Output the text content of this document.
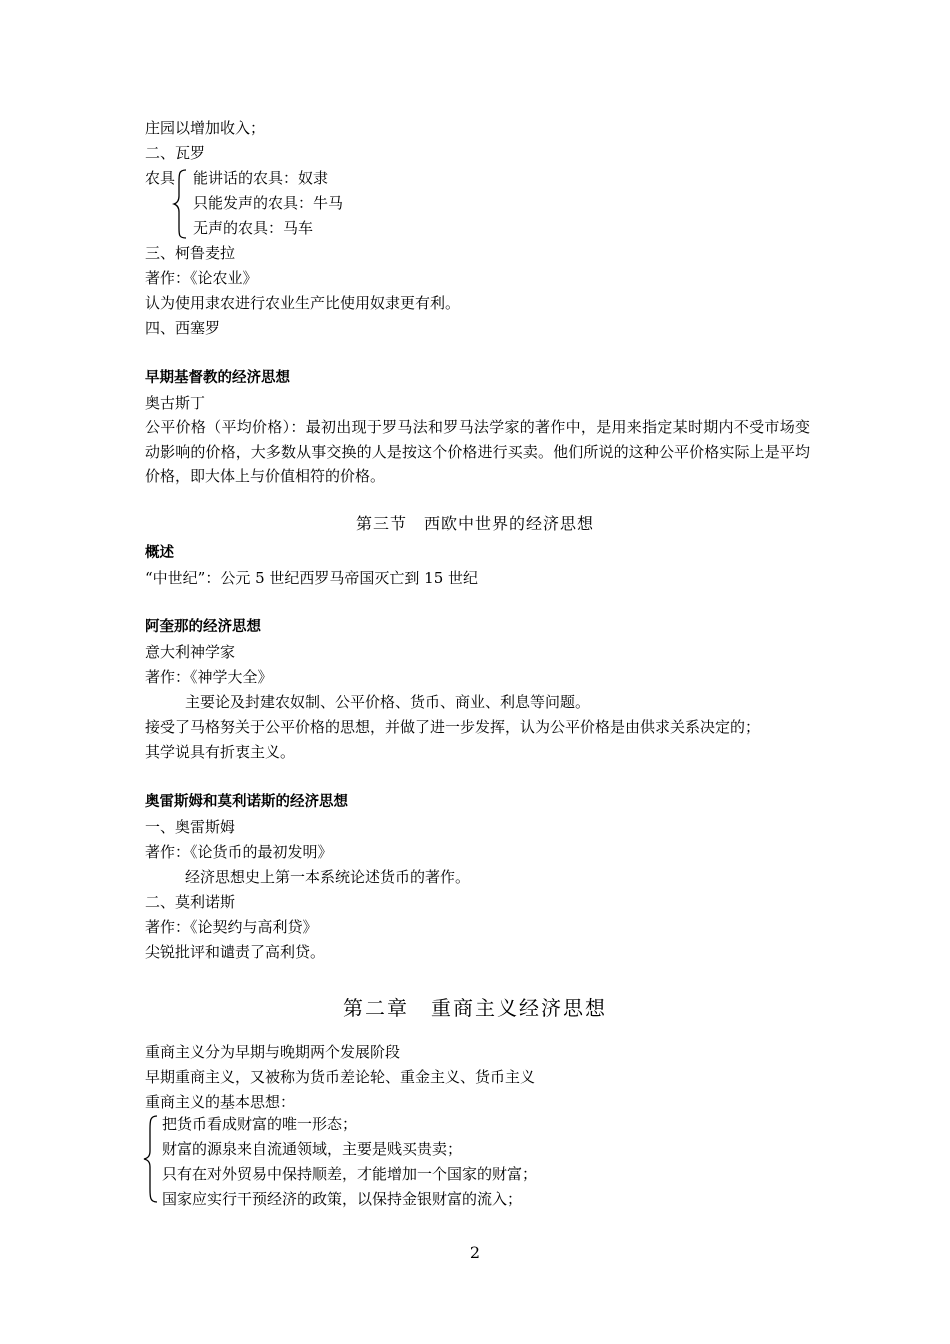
庄园以增加收入；
二、瓦罗
农具 能讲话的农具：奴隶
只能发声的农具：牛马
无声的农具：马车
三、柯鲁麦拉
著作：《论农业》
认为使用隶农进行农业生产比使用奴隶更有利。
四、西塞罗
早期基督教的经济思想
奥古斯丁
公平价格（平均价格）：最初出现于罗马法和罗马法学家的著作中，是用来指定某时期内不受市场变动影响的价格，大多数从事交换的人是按这个价格进行买卖。他们所说的这种公平价格实际上是平均价格，即大体上与价值相符的价格。
第三节　西欧中世界的经济思想
概述
“中世纪”：公元 5 世纪西罗马帝国灭亡到 15 世纪
阿奎那的经济思想
意大利神学家
著作：《神学大全》
主要论及封建农奴制、公平价格、货币、商业、利息等问题。
接受了马格努关于公平价格的思想，并做了进一步发挥，认为公平价格是由供求关系决定的；
其学说具有折衷主义。
奥雷斯姆和莫利诺斯的经济思想
一、奥雷斯姆
著作：《论货币的最初发明》
经济思想史上第一本系统论述货币的著作。
二、莫利诺斯
著作：《论契约与高利贷》
尖锐批评和谴责了高利贷。
第二章　重商主义经济思想
重商主义分为早期与晚期两个发展阶段
早期重商主义，又被称为货币差论轮、重金主义、货币主义
重商主义的基本思想：
把货币看成财富的唯一形态；
财富的源泉来自流通领域，主要是贱买贵卖；
只有在对外贸易中保持顺差，才能增加一个国家的财富；
国家应实行干预经济的政策，以保持金银财富的流入；
2
